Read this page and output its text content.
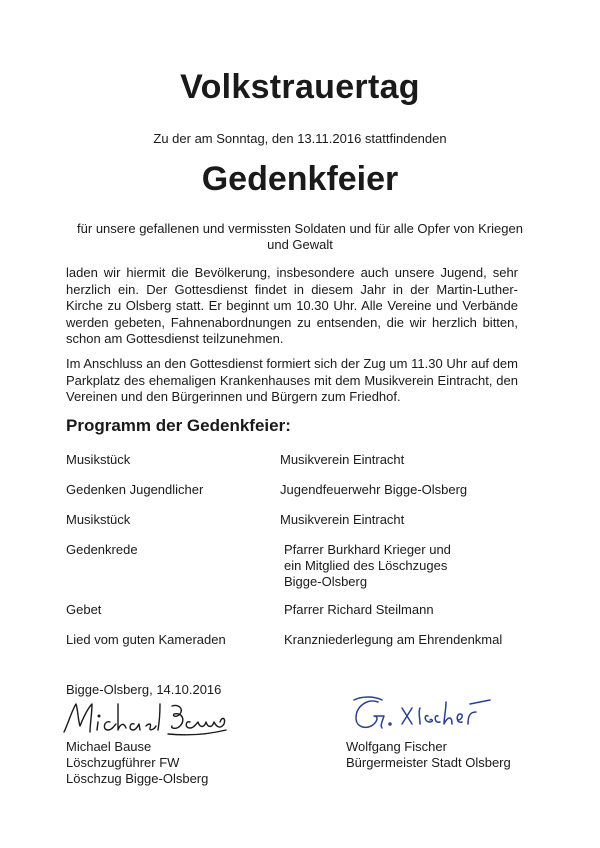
Volkstrauertag
Zu der am Sonntag, den 13.11.2016 stattfindenden
Gedenkfeier
für unsere gefallenen und vermissten Soldaten und für alle Opfer von Kriegen
und Gewalt
laden wir hiermit die Bevölkerung, insbesondere auch unsere Jugend, sehr herzlich ein. Der Gottesdienst findet in diesem Jahr in der Martin-Luther-Kirche zu Olsberg statt. Er beginnt um 10.30 Uhr. Alle Vereine und Verbände werden gebeten, Fahnenabordnungen zu entsenden, die wir herzlich bitten, schon am Gottesdienst teilzunehmen.
Im Anschluss an den Gottesdienst formiert sich der Zug um 11.30 Uhr auf dem Parkplatz des ehemaligen Krankenhauses mit dem Musikverein Eintracht, den Vereinen und den Bürgerinnen und Bürgern zum Friedhof.
Programm der Gedenkfeier:
Musikstück	Musikverein Eintracht
Gedenken Jugendlicher	Jugendfeuerwehr Bigge-Olsberg
Musikstück	Musikverein Eintracht
Gedenkrede	Pfarrer Burkhard Krieger und
ein Mitglied des Löschzuges
Bigge-Olsberg
Gebet	Pfarrer Richard Steilmann
Lied vom guten Kameraden	Kranzniederlegung am Ehrendenkmal
Bigge-Olsberg, 14.10.2016
Michael Bause
Löschzugführer FW
Löschzug Bigge-Olsberg
Wolfgang Fischer
Bürgermeister Stadt Olsberg
